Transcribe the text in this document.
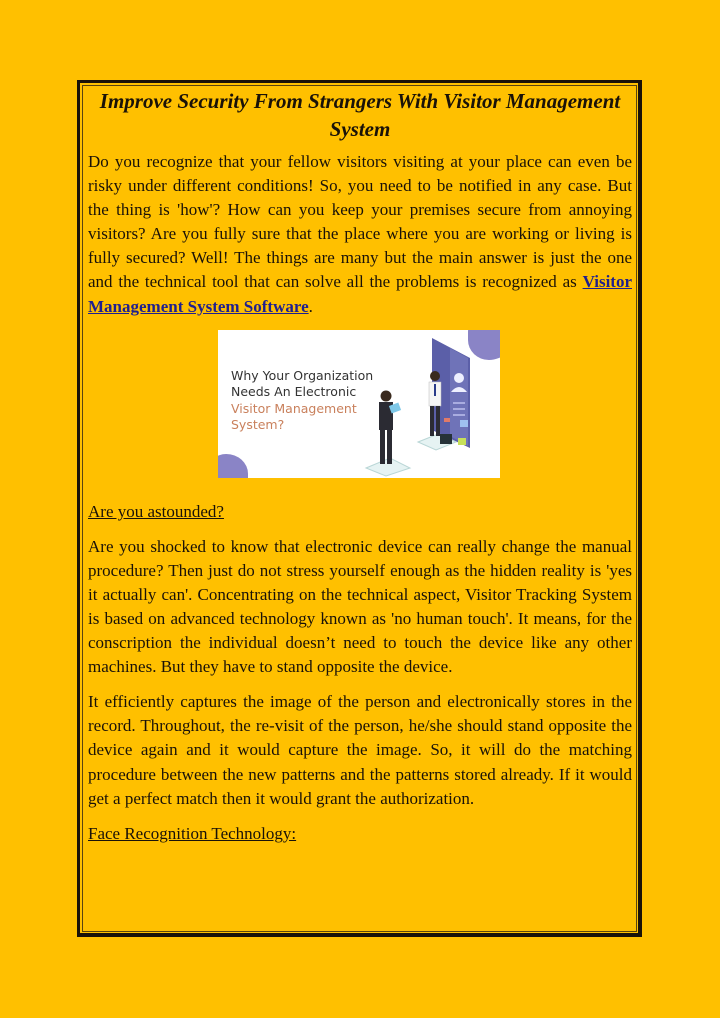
Improve Security From Strangers With Visitor Management System

Do you recognize that your fellow visitors visiting at your place can even be risky under different conditions! So, you need to be notified in any case. But the thing is 'how'? How can you keep your premises secure from annoying visitors? Are you fully sure that the place where you are working or living is fully secured? Well! The things are many but the main answer is just the one and the technical tool that can solve all the problems is recognized as Visitor Management System Software.

Why Your Organization
Needs An Electronic
Visitor Management
System?

Are you astounded?

Are you shocked to know that electronic device can really change the manual procedure? Then just do not stress yourself enough as the hidden reality is 'yes it actually can'. Concentrating on the technical aspect, Visitor Tracking System is based on advanced technology known as 'no human touch'. It means, for the conscription the individual doesn’t need to touch the device like any other machines. But they have to stand opposite the device.

It efficiently captures the image of the person and electronically stores in the record. Throughout, the re-visit of the person, he/she should stand opposite the device again and it would capture the image. So, it will do the matching procedure between the new patterns and the patterns stored already. If it would get a perfect match then it would grant the authorization.

Face Recognition Technology:
